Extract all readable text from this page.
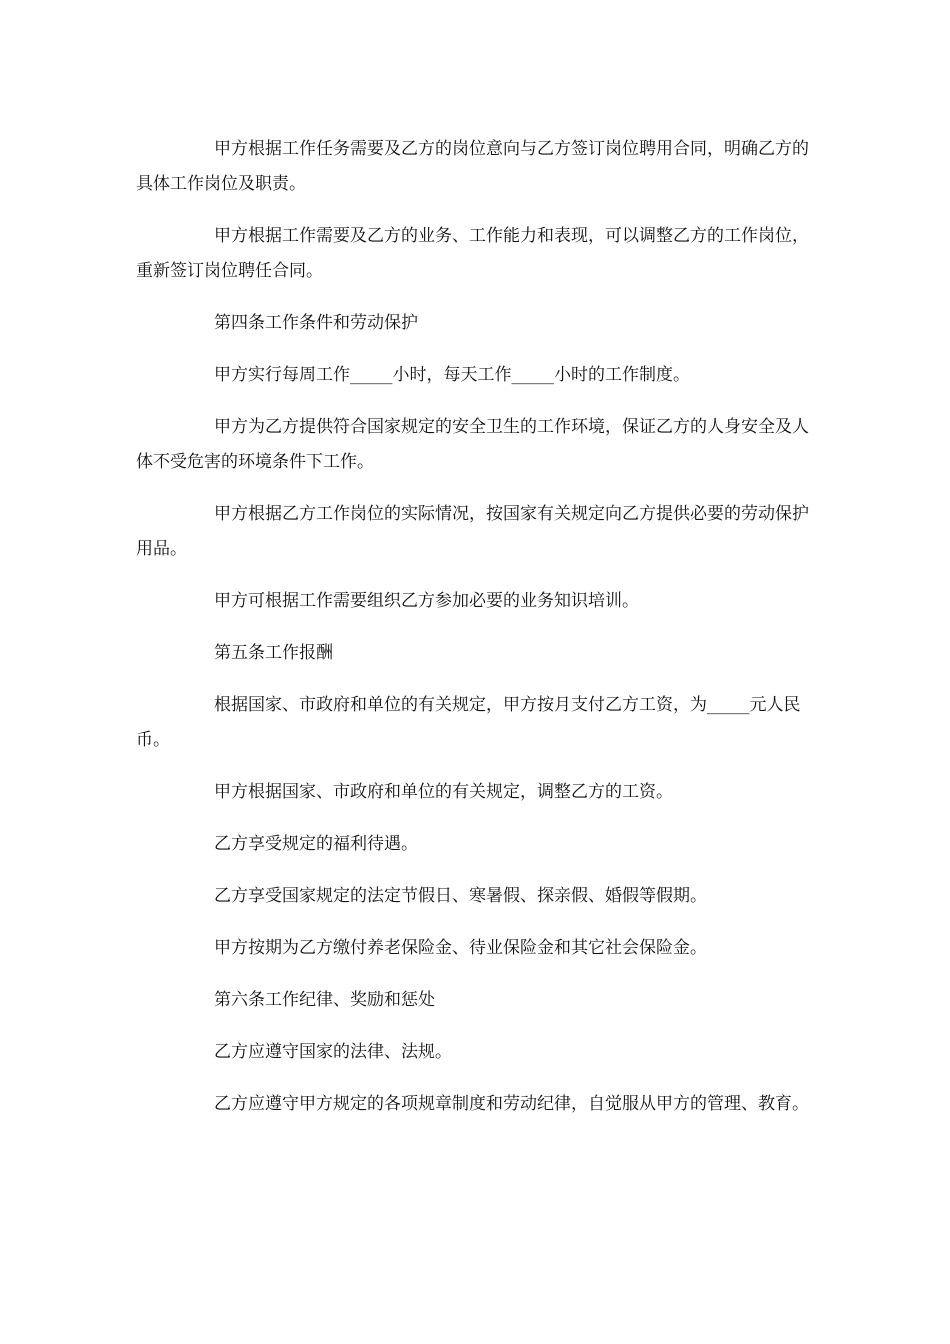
甲方根据工作任务需要及乙方的岗位意向与乙方签订岗位聘用合同，明确乙方的具体工作岗位及职责。

甲方根据工作需要及乙方的业务、工作能力和表现，可以调整乙方的工作岗位，重新签订岗位聘任合同。

第四条工作条件和劳动保护

甲方实行每周工作_____小时，每天工作_____小时的工作制度。

甲方为乙方提供符合国家规定的安全卫生的工作环境，保证乙方的人身安全及人体不受危害的环境条件下工作。

甲方根据乙方工作岗位的实际情况，按国家有关规定向乙方提供必要的劳动保护用品。

甲方可根据工作需要组织乙方参加必要的业务知识培训。

第五条工作报酬

根据国家、市政府和单位的有关规定，甲方按月支付乙方工资，为_____元人民币。

甲方根据国家、市政府和单位的有关规定，调整乙方的工资。

乙方享受规定的福利待遇。

乙方享受国家规定的法定节假日、寒暑假、探亲假、婚假等假期。

甲方按期为乙方缴付养老保险金、待业保险金和其它社会保险金。

第六条工作纪律、奖励和惩处

乙方应遵守国家的法律、法规。

乙方应遵守甲方规定的各项规章制度和劳动纪律，自觉服从甲方的管理、教育。
